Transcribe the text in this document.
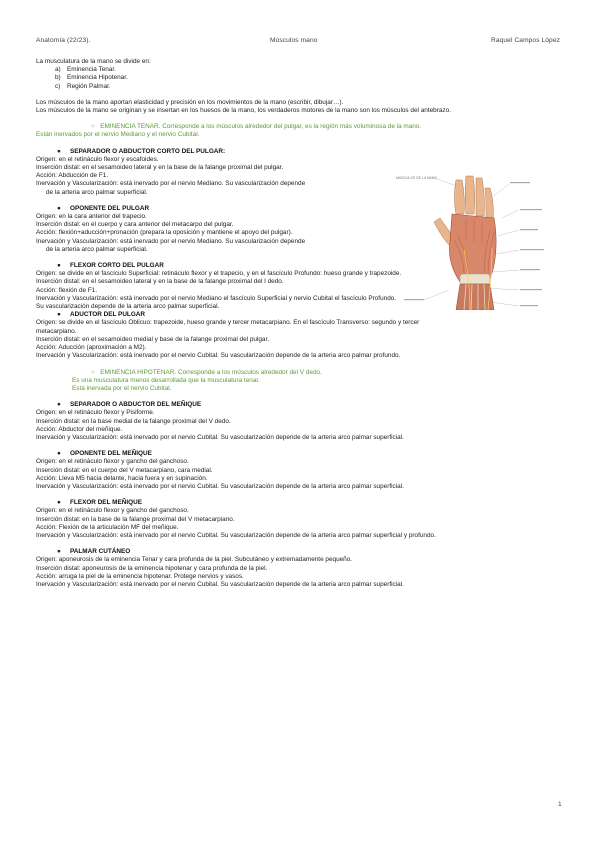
Anatomía (22/23).	Músculos mano	Raquel Campos López
La musculatura de la mano se divide en:
a) Eminencia Tenar.
b) Eminencia Hipotenar.
c) Región Palmar.
Los músculos de la mano aportan elasticidad y precisión en los movimientos de la mano (escribir, dibujar…).
Los músculos de la mano se originan y se insertan en los huesos de la mano, los verdaderos motores de la mano son los músculos del antebrazo.
○ EMINENCIA TENAR. Corresponde a los músculos alrededor del pulgar, es la región más voluminosa de la mano.
Están inervados por el nervio Mediano y el nervio Cubital.
● SEPARADOR O ABDUCTOR CORTO DEL PULGAR:
Origen: en el retináculo flexor y escafoides.
Inserción distal: en el sesamoideo lateral y en la base de la falange proximal del pulgar.
Acción: Abducción de F1.
Inervación y Vascularización: está inervado por el nervio Mediano. Su vascularización depende
de la arteria arco palmar superficial.
● OPONENTE DEL PULGAR
Origen: en la cara anterior del trapecio.
Inserción distal: en el cuerpo y cara anterior del metacarpo del pulgar.
Acción: flexión+aducción+pronación (prepara la oposición y mantiene el apoyo del pulgar).
Inervación y Vascularización: está inervado por el nervio Mediano. Su vascularización depende
de la arteria arco palmar superficial.
● FLEXOR CORTO DEL PULGAR
Origen: se divide en el fascículo Superficial: retináculo flexor y el trapecio, y en el fascículo Profundo: hueso grande y trapezoide.
Inserción distal: en el sesamoideo lateral y en la base de la falange proximal del I dedo.
Acción: flexión de F1.
Inervación y Vascularización: está inervado por el nervio Mediano el fascículo Superficial y nervio Cubital el fascículo Profundo.
Su vascularización depende de la arteria arco palmar superficial.
● ADUCTOR DEL PULGAR
Origen: se divide en el fascículo Oblicuo: trapezoide, hueso grande y tercer metacarpiano. En el fascículo Transverso: segundo y tercer
metacarpiano.
Inserción distal: en el sesamoideo medial y base de la falange proximal del pulgar.
Acción: Aducción (aproximación a M2).
Inervación y Vascularización: está inervado por el nervio Cubital. Su vascularización depende de la arteria arco palmar profundo.
○ EMINENCIA HIPOTENAR. Corresponde a los músculos alrededor del V dedo.
Es una musculatura menos desarrollada que la musculatura tenar.
Está inervada por el nervio Cubital.
● SEPARADOR O ABDUCTOR DEL MEÑIQUE
Origen: en el retináculo flexor y Pisiforme.
Inserción distal: en la base medial de la falange proximal del V dedo.
Acción: Abductor del meñique.
Inervación y Vascularización: está inervado por el nervio Cubital. Su vascularización depende de la arteria arco palmar superficial.
● OPONENTE DEL MEÑIQUE
Origen: en el retináculo flexor y gancho del ganchoso.
Inserción distal: en el cuerpo del V metacarpiano, cara medial.
Acción: Lleva M5 hacia delante, hacia fuera y en supinación.
Inervación y Vascularización: está inervado por el nervio Cubital. Su vascularización depende de la arteria arco palmar superficial.
● FLEXOR DEL MEÑIQUE
Origen: en el retináculo flexor y gancho del ganchoso.
Inserción distal: en la base de la falange proximal del V metacarpiano.
Acción: Flexión de la articulación MF del meñique.
Inervación y Vascularización: está inervado por el nervio Cubital. Su vascularización depende de la arteria arco palmar superficial y profundo.
● PALMAR CUTÁNEO
Origen: aponeurosis de la eminencia Tenar y cara profunda de la piel. Subcutáneo y extremadamente pequeño.
Inserción distal: aponeurosis de la eminencia hipotenar y cara profunda de la piel.
Acción: arruga la piel de la eminencia hipotenar. Protege nervios y vasos.
Inervación y Vascularización: está inervado por el nervio Cubital. Su vascularización depende de la arteria arco palmar superficial.
MÚSCULOS DE LA MANO
1
